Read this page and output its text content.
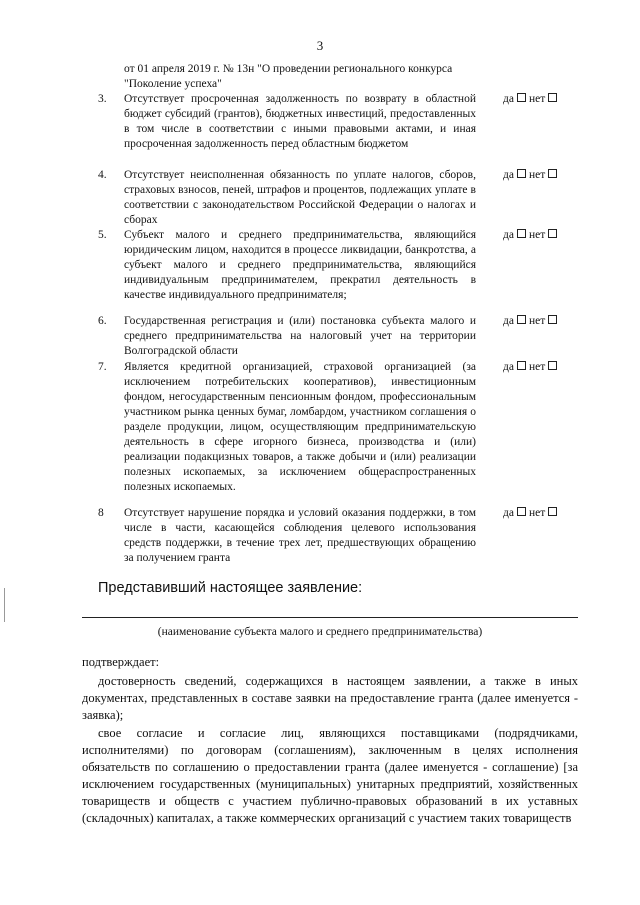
3
от 01 апреля 2019 г. № 13н "О проведении регионального конкурса "Поколение успеха"
3. Отсутствует просроченная задолженность по возврату в областной бюджет субсидий (грантов), бюджетных инвестиций, предоставленных в том числе в соответствии с иными правовыми актами, и иная просроченная задолженность перед областным бюджетом
да нет
4. Отсутствует неисполненная обязанность по уплате налогов, сборов, страховых взносов, пеней, штрафов и процентов, подлежащих уплате в соответствии с законодательством Российской Федерации о налогах и сборах
да нет
5. Субъект малого и среднего предпринимательства, являющийся юридическим лицом, находится в процессе ликвидации, банкротства, а субъект малого и среднего предпринимательства, являющийся индивидуальным предпринимателем, прекратил деятельность в качестве индивидуального предпринимателя;
да нет
6. Государственная регистрация и (или) постановка субъекта малого и среднего предпринимательства на налоговый учет на территории Волгоградской области
да нет
7. Является кредитной организацией, страховой организацией (за исключением потребительских кооперативов), инвестиционным фондом, негосударственным пенсионным фондом, профессиональным участником рынка ценных бумаг, ломбардом, участником соглашения о разделе продукции, лицом, осуществляющим предпринимательскую деятельность в сфере игорного бизнеса, производства и (или) реализации подакцизных товаров, а также добычи и (или) реализации полезных ископаемых, за исключением общераспространенных полезных ископаемых.
да нет
8 Отсутствует нарушение порядка и условий оказания поддержки, в том числе в части, касающейся соблюдения целевого использования средств поддержки, в течение трех лет, предшествующих обращению за получением гранта
да нет
Представивший настоящее заявление:
(наименование субъекта малого и среднего предпринимательства)
подтверждает:
достоверность сведений, содержащихся в настоящем заявлении, а также в иных документах, представленных в составе заявки на предоставление гранта (далее именуется - заявка);
свое согласие и согласие лиц, являющихся поставщиками (подрядчиками, исполнителями) по договорам (соглашениям), заключенным в целях исполнения обязательств по соглашению о предоставлении гранта (далее именуется - соглашение) [за исключением государственных (муниципальных) унитарных предприятий, хозяйственных товариществ и обществ с участием публично-правовых образований в их уставных (складочных) капиталах, а также коммерческих организаций с участием таких товариществ
